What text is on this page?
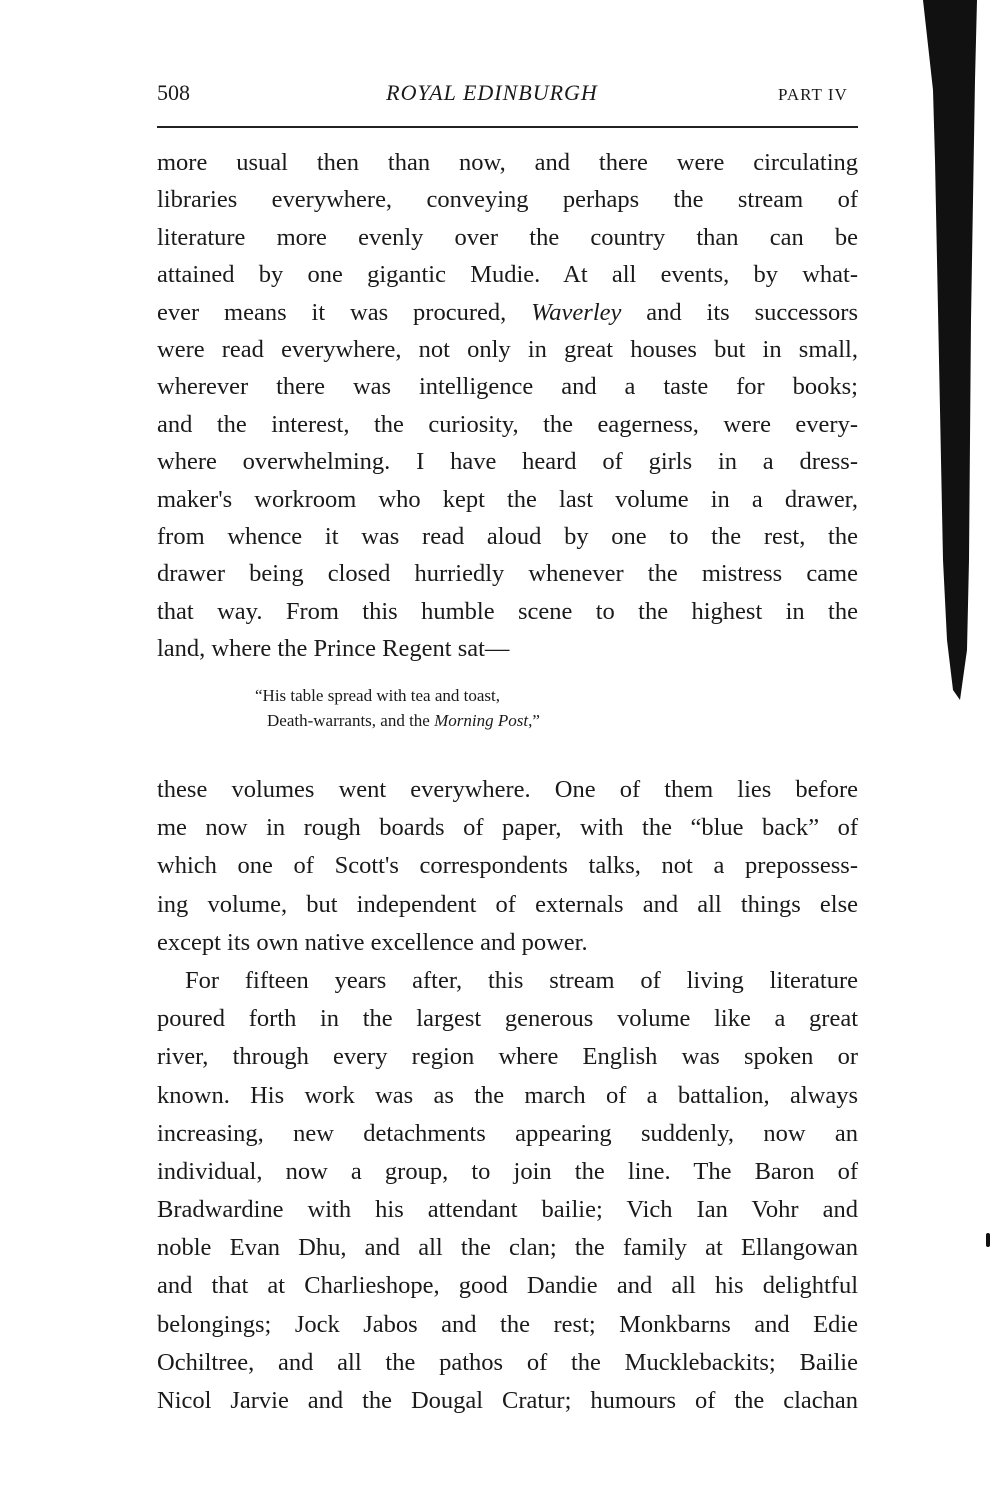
508	ROYAL EDINBURGH	PART IV
more usual then than now, and there were circulating
libraries everywhere, conveying perhaps the stream of
literature more evenly over the country than can be
attained by one gigantic Mudie. At all events, by what-
ever means it was procured, Waverley and its successors
were read everywhere, not only in great houses but in small,
wherever there was intelligence and a taste for books;
and the interest, the curiosity, the eagerness, were every-
where overwhelming. I have heard of girls in a dress-
maker's workroom who kept the last volume in a drawer,
from whence it was read aloud by one to the rest, the
drawer being closed hurriedly whenever the mistress came
that way. From this humble scene to the highest in the
land, where the Prince Regent sat—
“His table spread with tea and toast,
Death-warrants, and the Morning Post,”
these volumes went everywhere. One of them lies before
me now in rough boards of paper, with the “blue back” of
which one of Scott's correspondents talks, not a prepossess-
ing volume, but independent of externals and all things else
except its own native excellence and power.
For fifteen years after, this stream of living literature
poured forth in the largest generous volume like a great
river, through every region where English was spoken or
known. His work was as the march of a battalion, always
increasing, new detachments appearing suddenly, now an
individual, now a group, to join the line. The Baron of
Bradwardine with his attendant bailie; Vich Ian Vohr and
noble Evan Dhu, and all the clan; the family at Ellangowan
and that at Charlieshope, good Dandie and all his delightful
belongings; Jock Jabos and the rest; Monkbarns and Edie
Ochiltree, and all the pathos of the Mucklebackits; Bailie
Nicol Jarvie and the Dougal Cratur; humours of the clachan
